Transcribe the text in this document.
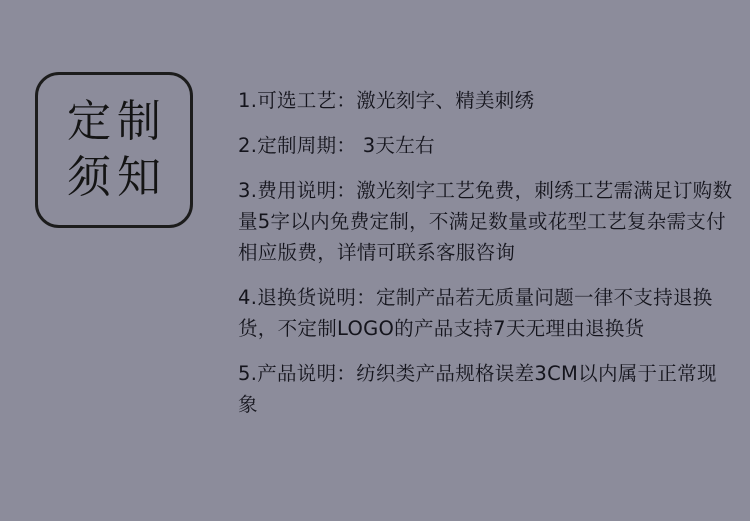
定制
须知
1.可选工艺：激光刻字、精美刺绣
2.定制周期： 3天左右
3.费用说明：激光刻字工艺免费，刺绣工艺需满足订购数量5字以内免费定制，不满足数量或花型工艺复杂需支付相应版费，详情可联系客服咨询
4.退换货说明：定制产品若无质量问题一律不支持退换货，不定制LOGO的产品支持7天无理由退换货
5.产品说明：纺织类产品规格误差3CM以内属于正常现象
